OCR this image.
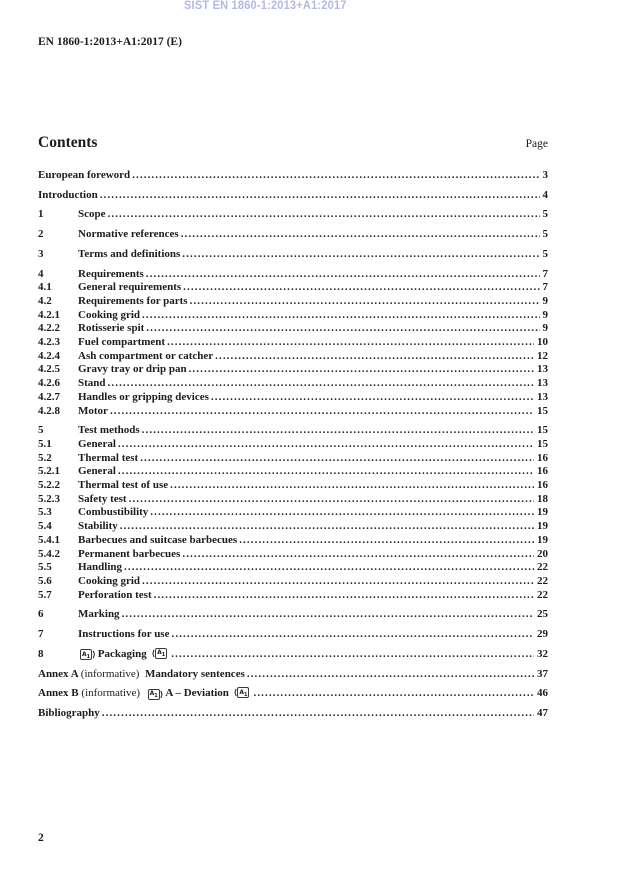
SIST EN 1860-1:2013+A1:2017
EN 1860-1:2013+A1:2017 (E)
Contents	Page
European foreword .....	3
Introduction .....	4
1	Scope .....	5
2	Normative references .....	5
3	Terms and definitions .....	5
4	Requirements .....	7
4.1	General requirements .....	7
4.2	Requirements for parts .....	9
4.2.1	Cooking grid .....	9
4.2.2	Rotisserie spit .....	9
4.2.3	Fuel compartment .....	10
4.2.4	Ash compartment or catcher .....	12
4.2.5	Gravy tray or drip pan .....	13
4.2.6	Stand .....	13
4.2.7	Handles or gripping devices .....	13
4.2.8	Motor .....	15
5	Test methods .....	15
5.1	General .....	15
5.2	Thermal test .....	16
5.2.1	General .....	16
5.2.2	Thermal test of use .....	16
5.2.3	Safety test .....	18
5.3	Combustibility .....	19
5.4	Stability .....	19
5.4.1	Barbecues and suitcase barbecues .....	19
5.4.2	Permanent barbecues .....	20
5.5	Handling .....	22
5.6	Cooking grid .....	22
5.7	Perforation test .....	22
6	Marking .....	25
7	Instructions for use .....	29
8	$A_1$ ⟩ Packaging ⟨ $A_1$ .....	32
Annex A (informative)  Mandatory sentences .....	37
Annex B (informative) $A_1$ ⟩ A – Deviation ⟨ $A_1$ .....	46
Bibliography .....	47
2
